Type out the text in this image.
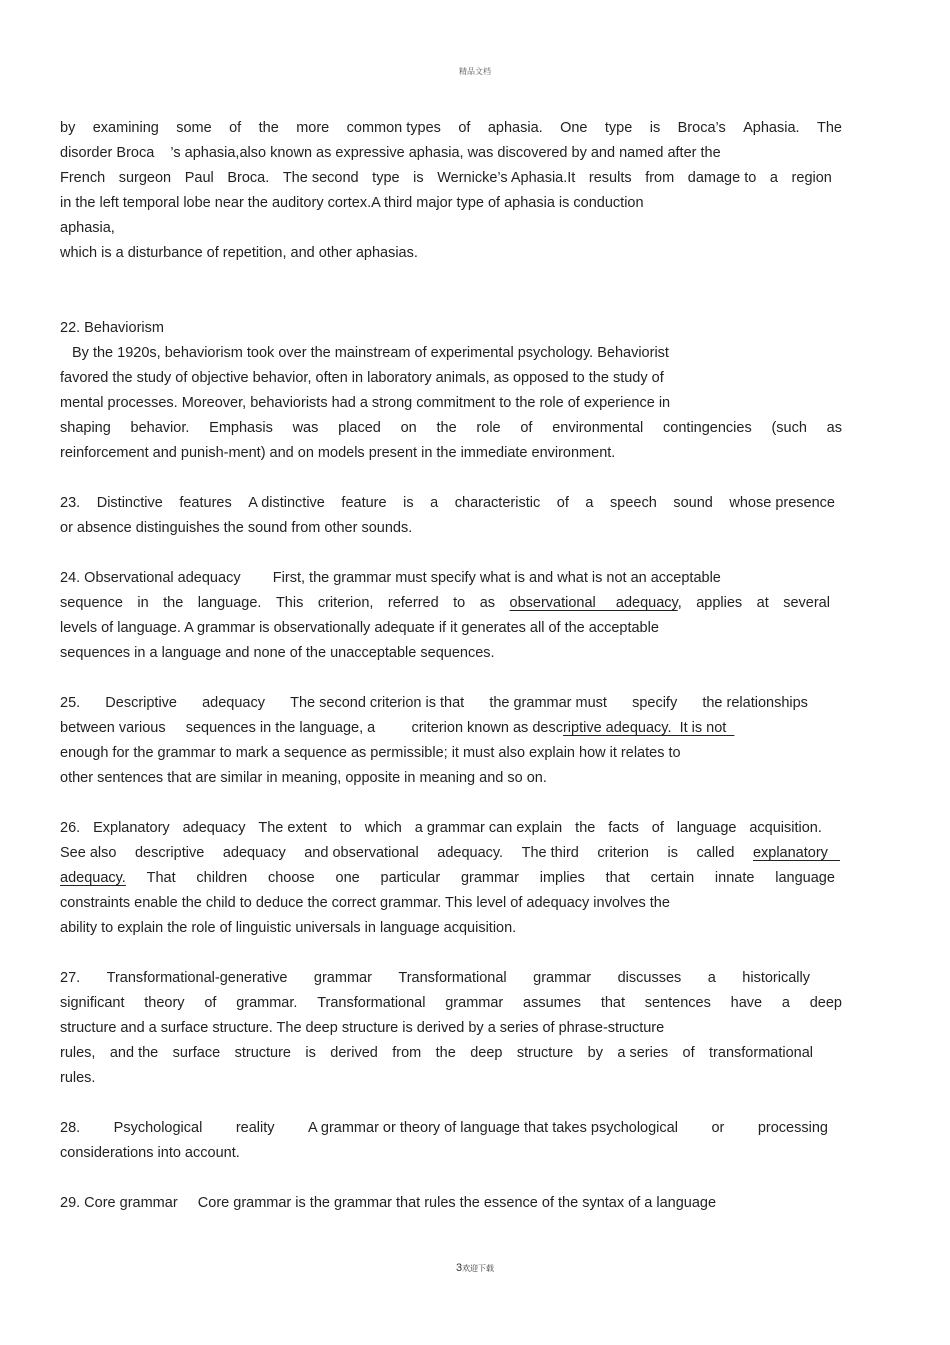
精品文档
by examining some of the more common types of aphasia. One type is Broca’s Aphasia. The
disorder Broca    ’s aphasia,also known as expressive aphasia, was discovered by and named after the
French surgeon Paul Broca. The second type is Wernicke’s Aphasia.It results from damage to a region
in the left temporal lobe near the auditory cortex.A third major type of aphasia is conduction
aphasia,
which is a disturbance of repetition, and other aphasias.
22. Behaviorism
By the 1920s, behaviorism took over the mainstream of experimental psychology. Behaviorist
favored the study of objective behavior, often in laboratory animals, as opposed to the study of
mental processes. Moreover, behaviorists had a strong commitment to the role of experience in
shaping behavior. Emphasis was placed on the role of environmental contingencies (such as
reinforcement and punish-ment) and on models present in the immediate environment.
23. Distinctive features A distinctive feature is a characteristic of a speech sound whose presence
or absence distinguishes the sound from other sounds.
24. Observational adequacy        First, the grammar must specify what is and what is not an acceptable
sequence in the language. This criterion, referred to as observational     adequacy, applies at several
levels of language. A grammar is observationally adequate if it generates all of the acceptable
sequences in a language and none of the unacceptable sequences.
25. Descriptive adequacy The second criterion is that the grammar must specify the relationships
between various     sequences in the language, a         criterion known as descriptive adequacy.  It is not
enough for the grammar to mark a sequence as permissible; it must also explain how it relates to
other sentences that are similar in meaning, opposite in meaning and so on.
26. Explanatory adequacy The extent to which a grammar can explain the facts of language acquisition.
See also descriptive adequacy and observational adequacy. The third criterion is called explanatory
adequacy. That children choose one particular grammar implies that certain innate language
constraints enable the child to deduce the correct grammar. This level of adequacy involves the
ability to explain the role of linguistic universals in language acquisition.
27. Transformational-generative grammar Transformational grammar discusses a historically
significant theory of grammar. Transformational grammar assumes that sentences have a deep
structure and a surface structure. The deep structure is derived by a series of phrase-structure
rules, and the surface structure is derived from the deep structure by a series of transformational
rules.
28. Psychological reality A grammar or theory of language that takes psychological or processing
considerations into account.
29. Core grammar     Core grammar is the grammar that rules the essence of the syntax of a language
3欢迎下载
